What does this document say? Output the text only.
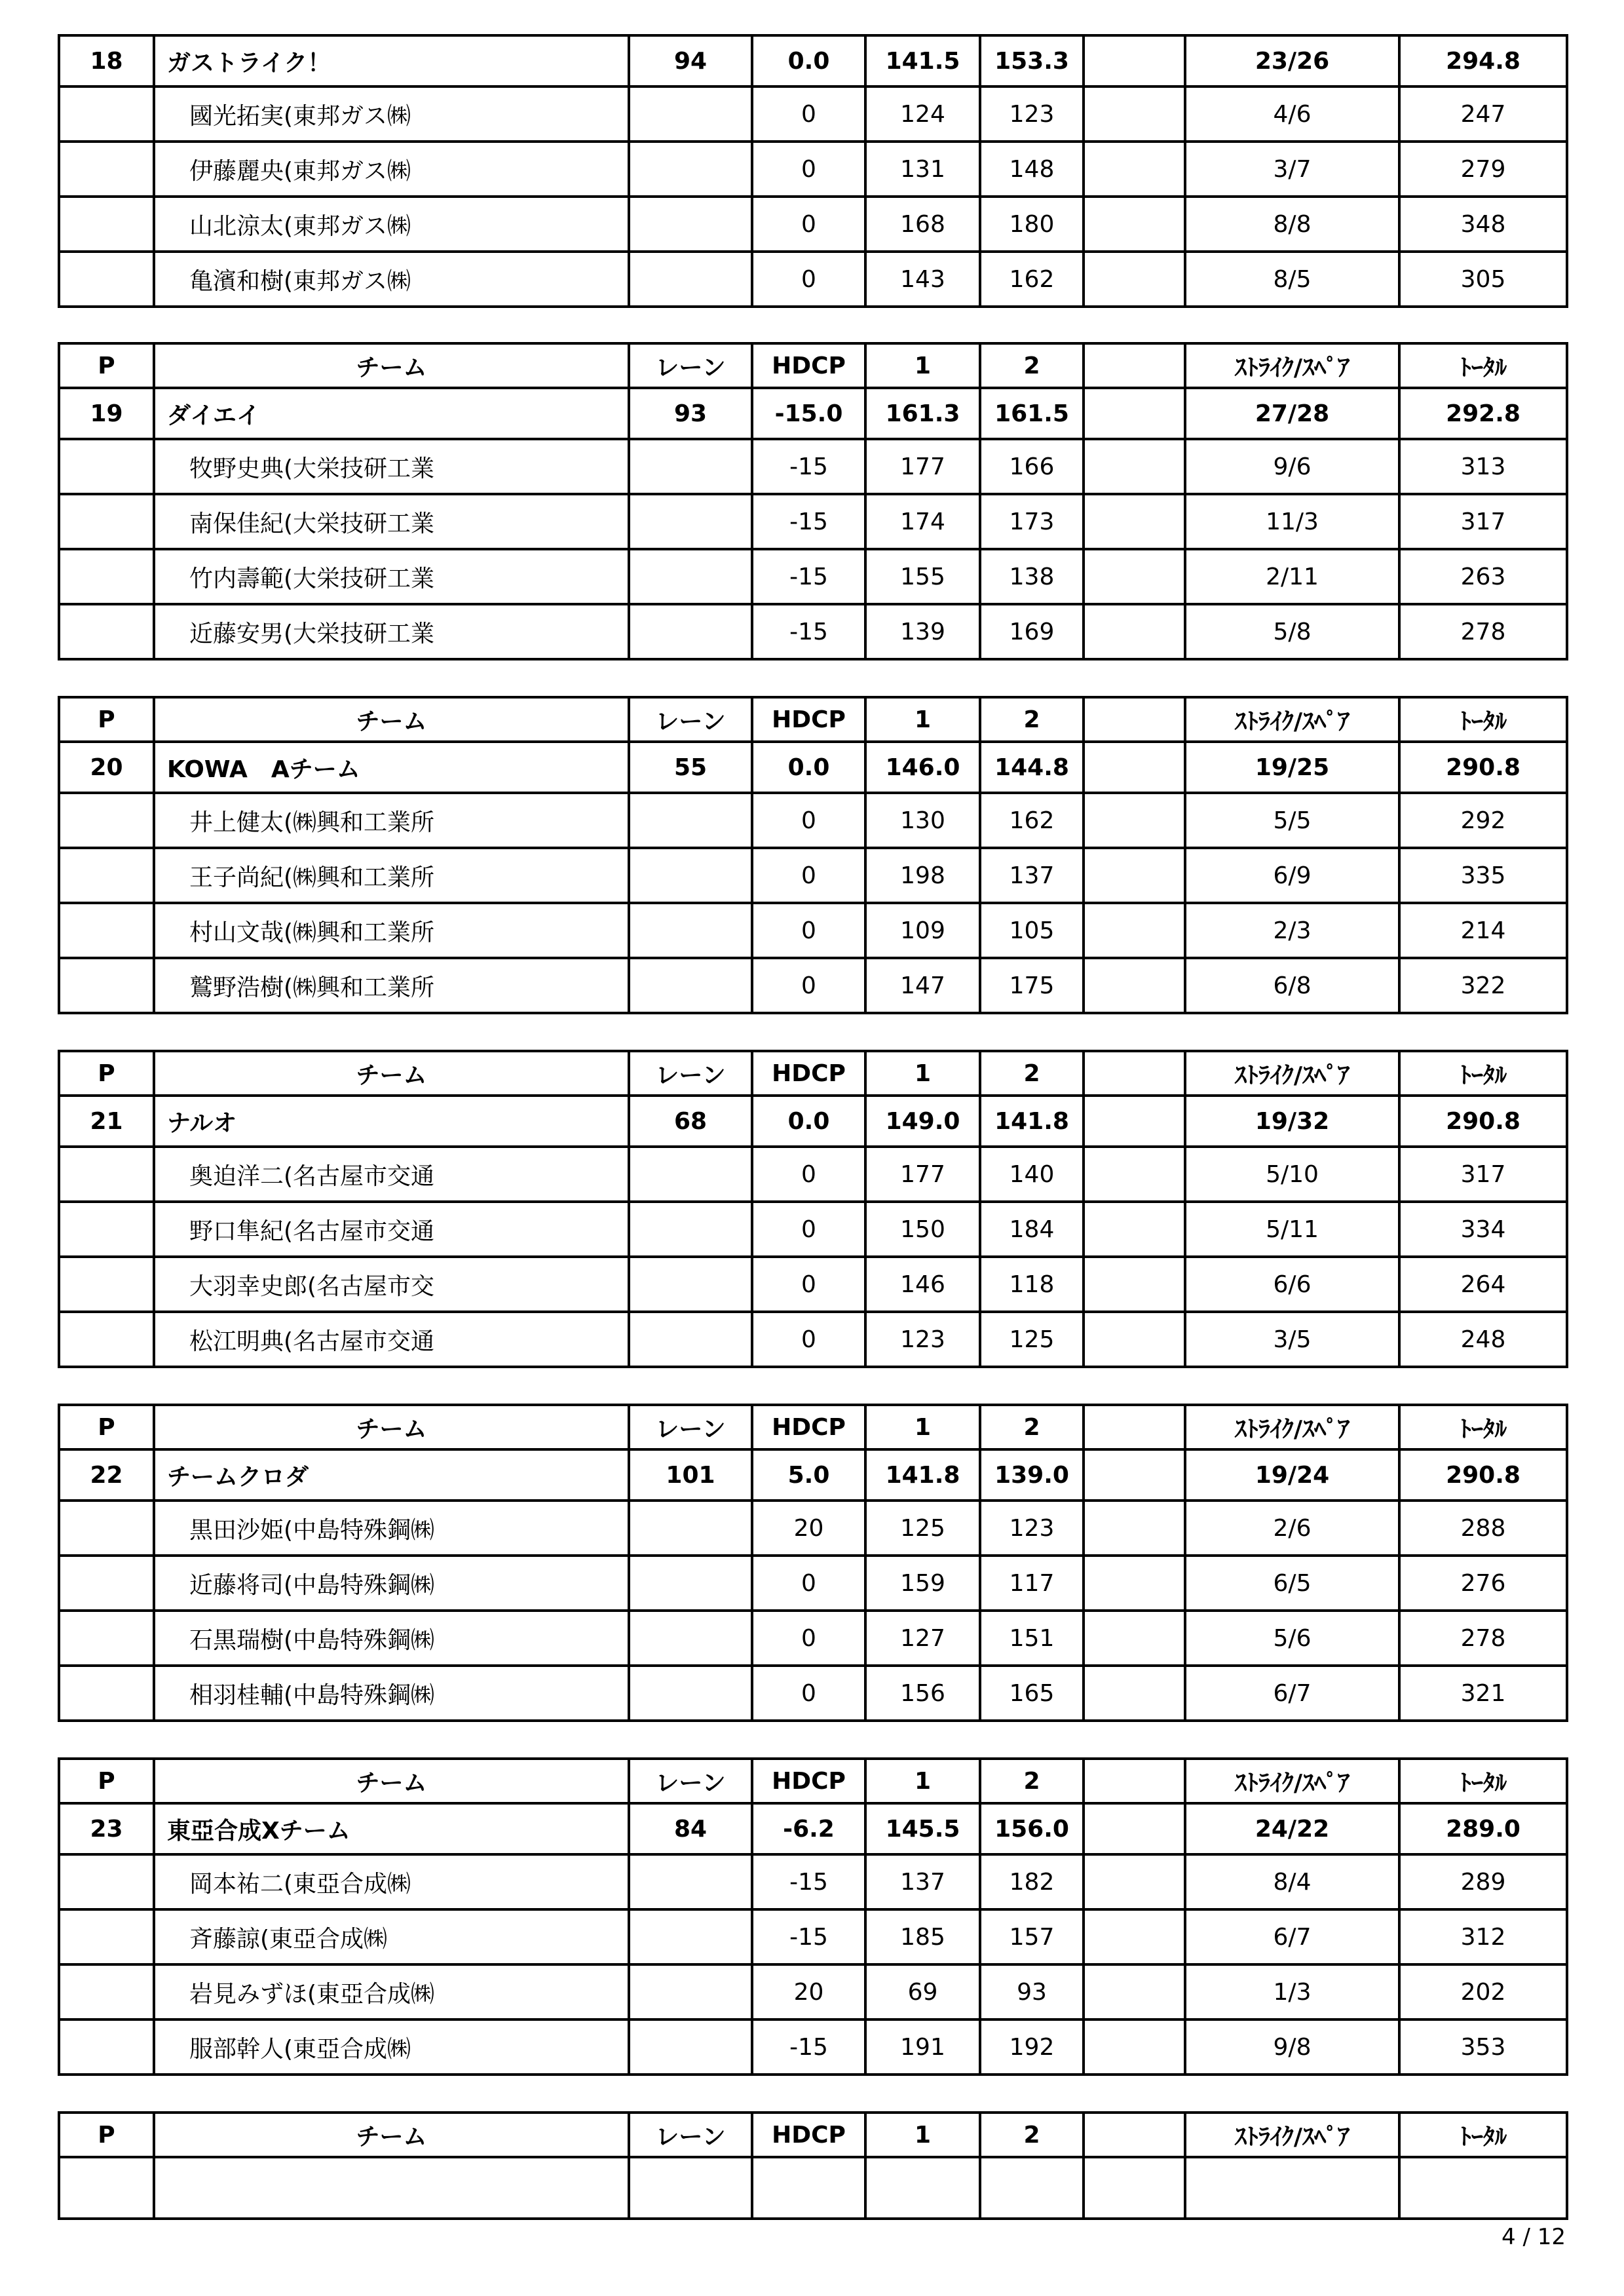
18	ガストライク！	94	0.0	141.5	153.3		23/26	294.8
	國光拓実(東邦ガス㈱		0	124	123		4/6	247
	伊藤麗央(東邦ガス㈱		0	131	148		3/7	279
	山北涼太(東邦ガス㈱		0	168	180		8/8	348
	亀濱和樹(東邦ガス㈱		0	143	162		8/5	305
P	チーム	レーン	HDCP	1	2		ｽﾄﾗｲｸ/ｽﾍﾟｱ	ﾄｰﾀﾙ
19	ダイエイ	93	-15.0	161.3	161.5		27/28	292.8
	牧野史典(大栄技研工業		-15	177	166		9/6	313
	南保佳紀(大栄技研工業		-15	174	173		11/3	317
	竹内壽範(大栄技研工業		-15	155	138		2/11	263
	近藤安男(大栄技研工業		-15	139	169		5/8	278
P	チーム	レーン	HDCP	1	2		ｽﾄﾗｲｸ/ｽﾍﾟｱ	ﾄｰﾀﾙ
20	KOWA　Aチーム	55	0.0	146.0	144.8		19/25	290.8
	井上健太(㈱興和工業所		0	130	162		5/5	292
	王子尚紀(㈱興和工業所		0	198	137		6/9	335
	村山文哉(㈱興和工業所		0	109	105		2/3	214
	鷲野浩樹(㈱興和工業所		0	147	175		6/8	322
P	チーム	レーン	HDCP	1	2		ｽﾄﾗｲｸ/ｽﾍﾟｱ	ﾄｰﾀﾙ
21	ナルオ	68	0.0	149.0	141.8		19/32	290.8
	奥迫洋二(名古屋市交通		0	177	140		5/10	317
	野口隼紀(名古屋市交通		0	150	184		5/11	334
	大羽幸史郎(名古屋市交		0	146	118		6/6	264
	松江明典(名古屋市交通		0	123	125		3/5	248
P	チーム	レーン	HDCP	1	2		ｽﾄﾗｲｸ/ｽﾍﾟｱ	ﾄｰﾀﾙ
22	チームクロダ	101	5.0	141.8	139.0		19/24	290.8
	黒田沙姫(中島特殊鋼㈱		20	125	123		2/6	288
	近藤将司(中島特殊鋼㈱		0	159	117		6/5	276
	石黒瑞樹(中島特殊鋼㈱		0	127	151		5/6	278
	相羽桂輔(中島特殊鋼㈱		0	156	165		6/7	321
P	チーム	レーン	HDCP	1	2		ｽﾄﾗｲｸ/ｽﾍﾟｱ	ﾄｰﾀﾙ
23	東亞合成Xチーム	84	-6.2	145.5	156.0		24/22	289.0
	岡本祐二(東亞合成㈱		-15	137	182		8/4	289
	斉藤諒(東亞合成㈱		-15	185	157		6/7	312
	岩見みずほ(東亞合成㈱		20	69	93		1/3	202
	服部幹人(東亞合成㈱		-15	191	192		9/8	353
P	チーム	レーン	HDCP	1	2		ｽﾄﾗｲｸ/ｽﾍﾟｱ	ﾄｰﾀﾙ

4 / 12
